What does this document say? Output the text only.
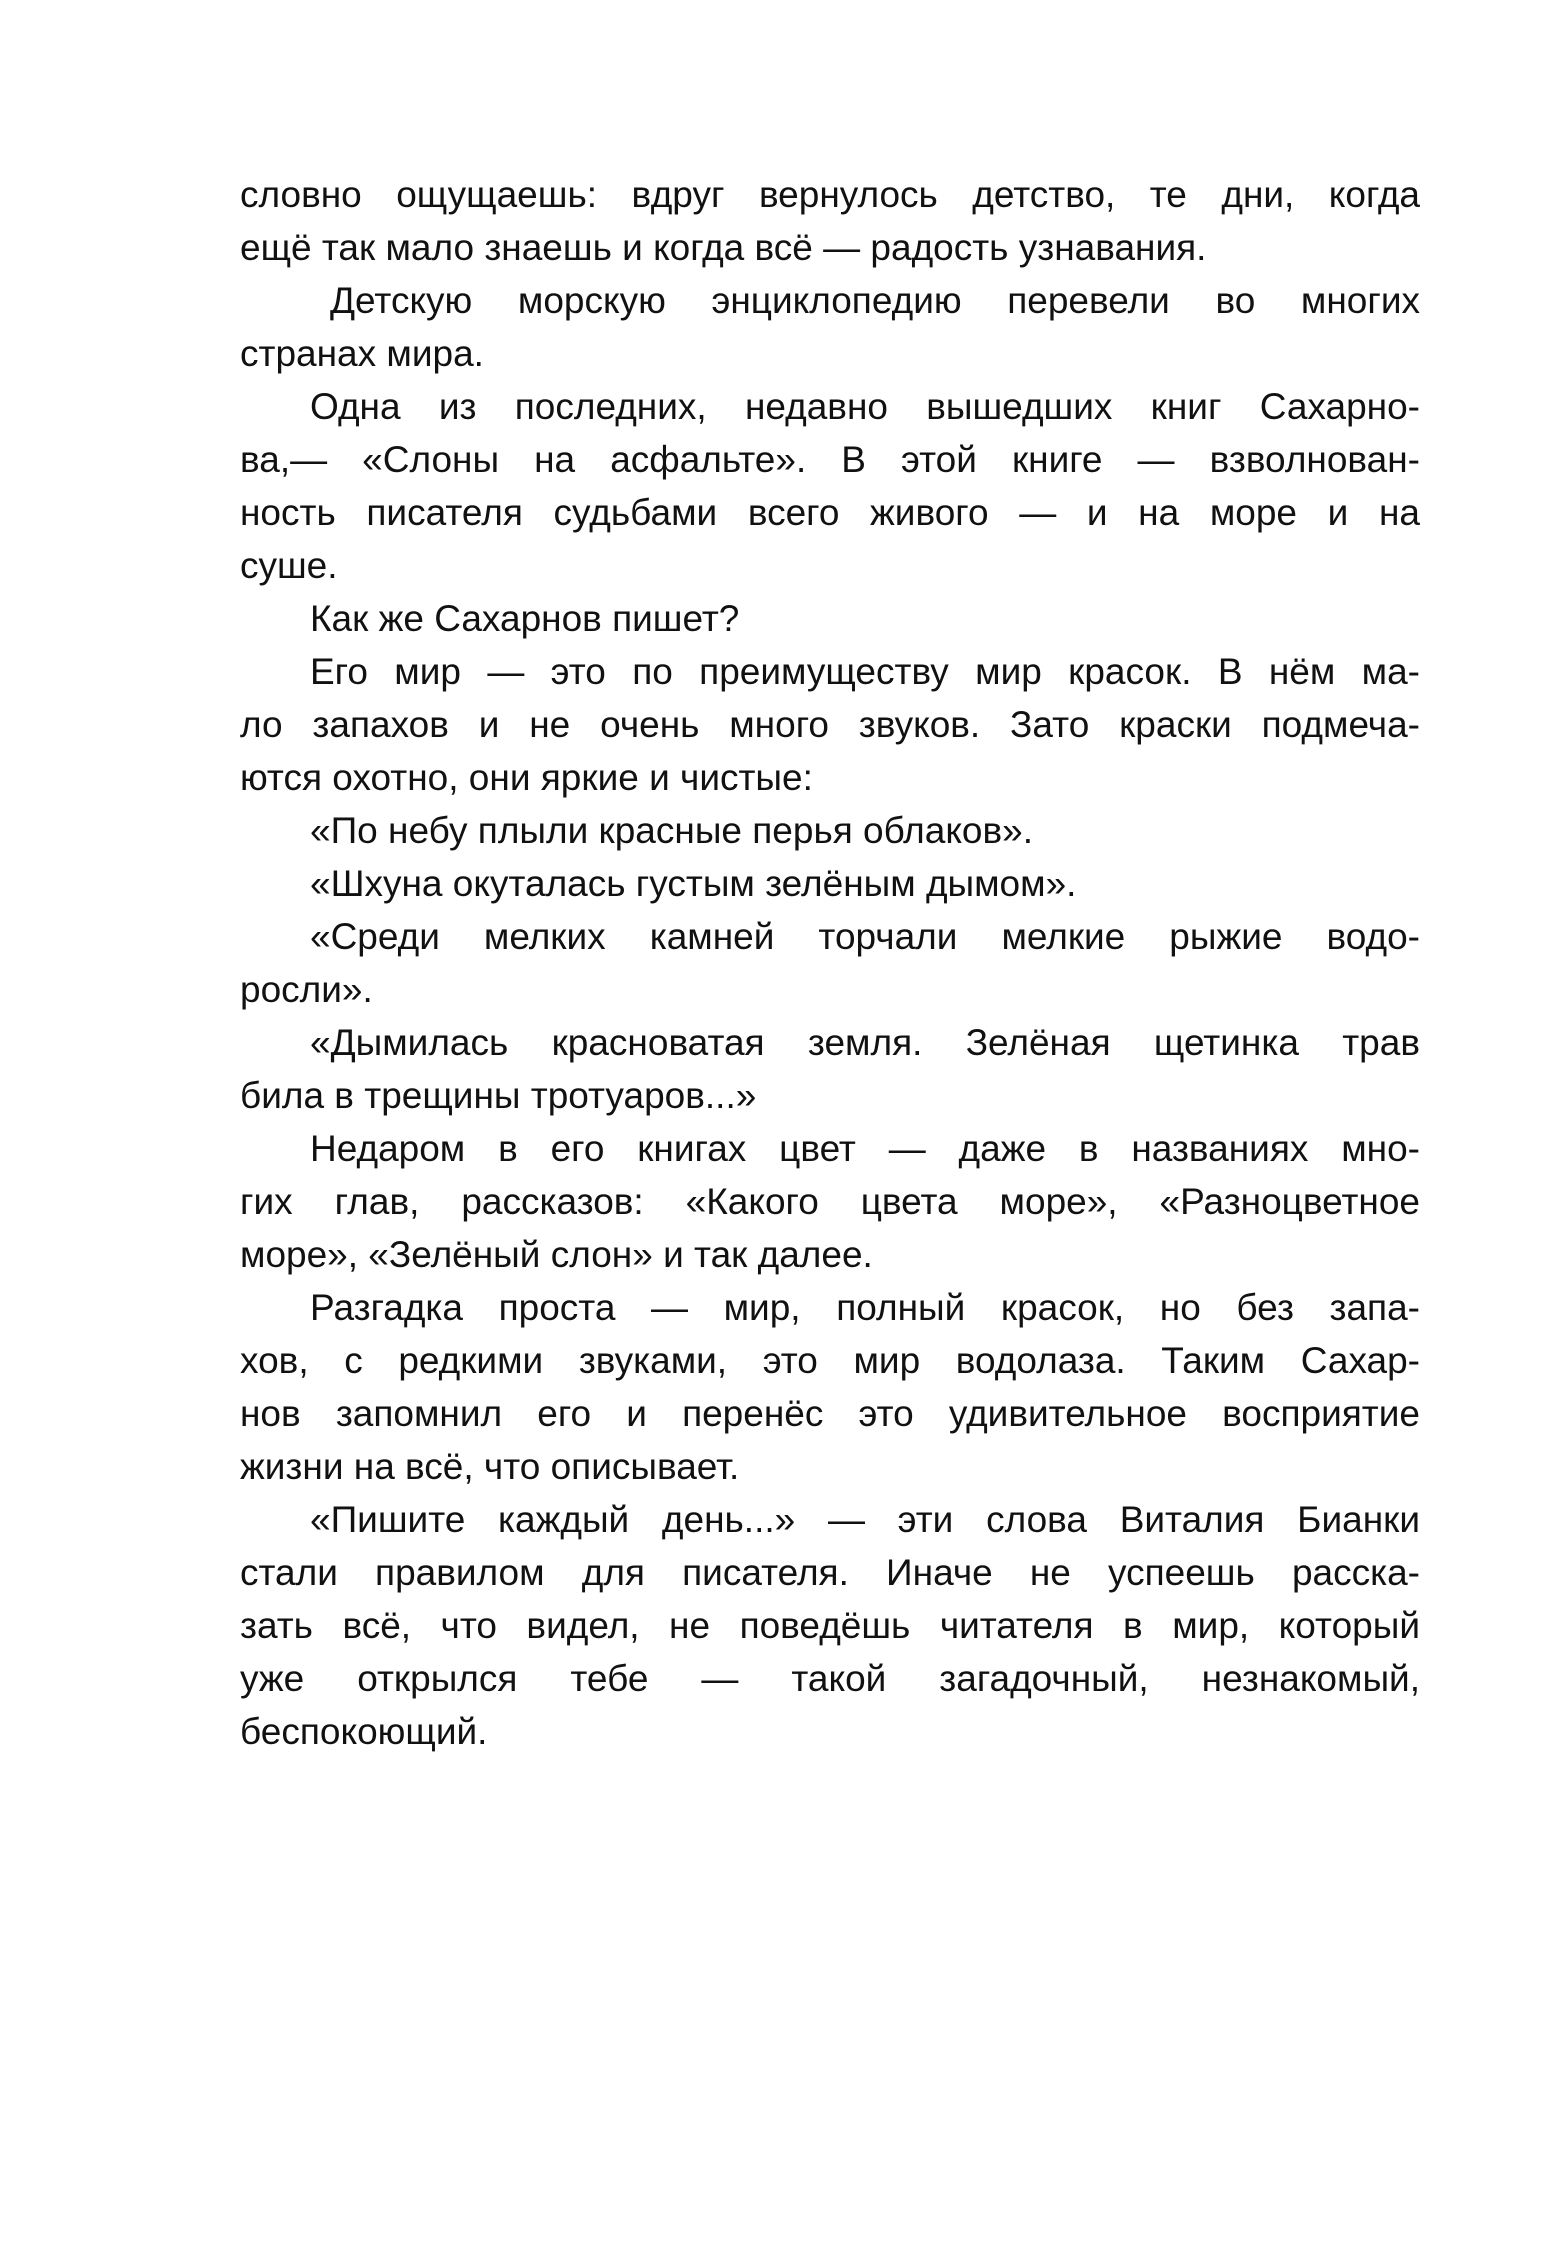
словно ощущаешь: вдруг вернулось детство, те дни, когда
ещё так мало знаешь и когда всё — радость узнавания.
Детскую морскую энциклопедию перевели во многих
странах мира.
Одна из последних, недавно вышедших книг Сахарно-
ва,— «Слоны на асфальте». В этой книге — взволнован-
ность писателя судьбами всего живого — и на море и на
суше.
Как же Сахарнов пишет?
Его мир — это по преимуществу мир красок. В нём ма-
ло запахов и не очень много звуков. Зато краски подмеча-
ются охотно, они яркие и чистые:
«По небу плыли красные перья облаков».
«Шхуна окуталась густым зелёным дымом».
«Среди мелких камней торчали мелкие рыжие водо-
росли».
«Дымилась красноватая земля. Зелёная щетинка трав
била в трещины тротуаров...»
Недаром в его книгах цвет — даже в названиях мно-
гих глав, рассказов: «Какого цвета море», «Разноцветное
море», «Зелёный слон» и так далее.
Разгадка проста — мир, полный красок, но без запа-
хов, с редкими звуками, это мир водолаза. Таким Сахар-
нов запомнил его и перенёс это удивительное восприятие
жизни на всё, что описывает.
«Пишите каждый день...» — эти слова Виталия Бианки
стали правилом для писателя. Иначе не успеешь расска-
зать всё, что видел, не поведёшь читателя в мир, который
уже открылся тебе — такой загадочный, незнакомый,
беспокоющий.
